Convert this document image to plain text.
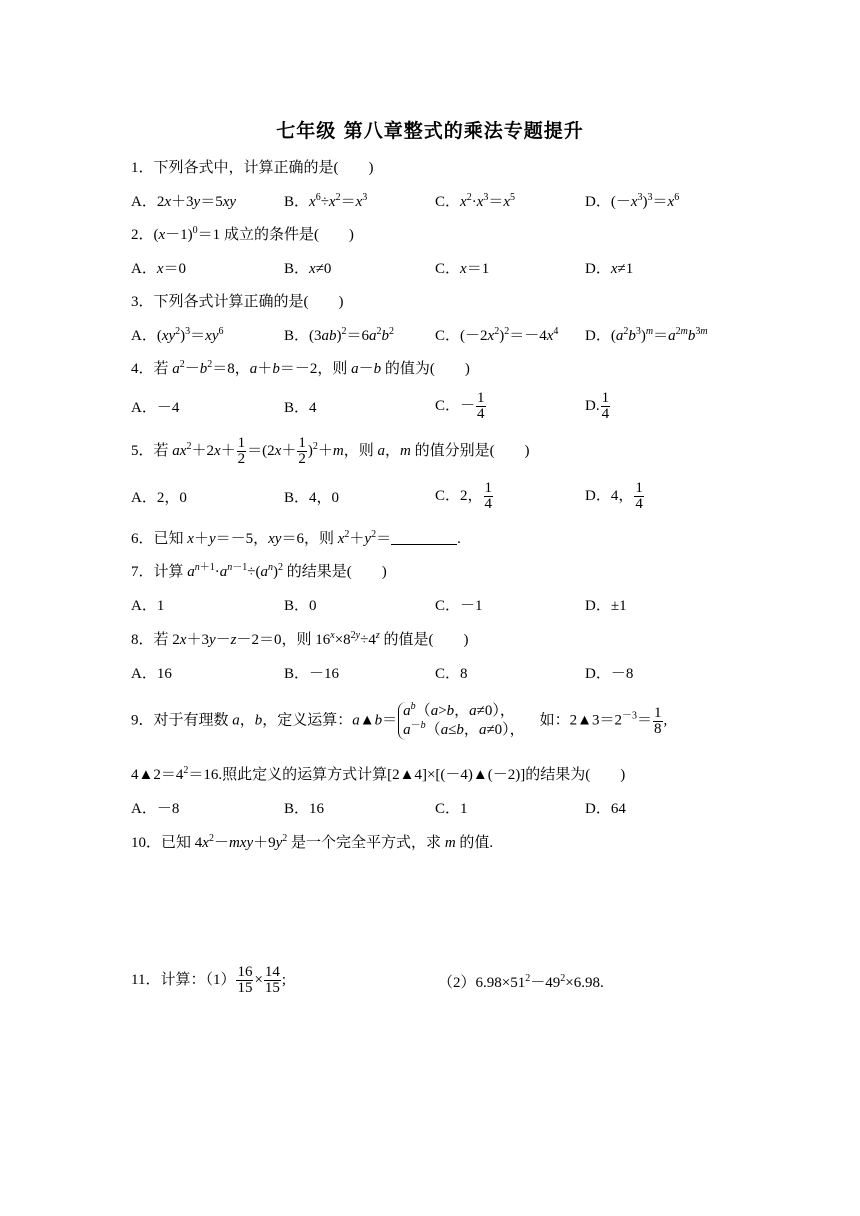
七年级 第八章整式的乘法专题提升
1．下列各式中，计算正确的是(　　)
A．2x＋3y＝5xy	B．$x^6\div x^2=x^3$	C．$x^2\cdot x^3=x^5$	D．$(-x^3)^3=x^6$
2．$(x-1)^0=1$ 成立的条件是(　　)
A．x＝0	B．x≠0	C．x＝1	D．x≠1
3．下列各式计算正确的是(　　)
A．$(xy^2)^3=xy^6$	B．$(3ab)^2=6a^2b^2$	C．$(-2x^2)^2=-4x^4$ D．$(a^2b^3)^m=a^{2m}b^{3m}$
4．若 $a^2-b^2=8$，a＋b＝－2，则 a－b 的值为(　　)
A．－4	B．4	C．－ $\frac{1}{4}$	D. $\frac{1}{4}$
5．若 $ax^2+2x+ \frac{1}{2} =(2x+ \frac{1}{2} )^2+m$，则 a，m 的值分别是(　　)
A．2，0	B．4，0	C．2， $\frac{1}{4}$	D．4， $\frac{1}{4}$
6．已知 x＋y＝－5，xy＝6，则 $x^2+y^2=$	.
7．计算 $a^{n+1}\cdot a^{n-1}\div(a^n)^2$ 的结果是(　　)
A．1	B．0	C．－1	D．±1
8．若 2x＋3y－z－2＝0，则 $16^x\times 8^{2y}\div 4^z$ 的值是(　　)
A．16	B．－16	C．8	D．－8
9．对于有理数 a，b，定义运算：a▲b＝
$a^b(a>b$，a≠0），
$a^{-b}(a\le b$，a≠0），
　如：$2▲3=2^{-3}= \frac{1}{8}$ ,
$4▲2=4^2=16$.照此定义的运算方式计算[2▲4]×[(－4)▲(－2)]的结果为(　　)
A．－8	B．16	C．1	D．64
10．已知 $4x^2-mxy+9y^2$ 是一个完全平方式，求 m 的值.
11．计算：$(1) \frac{16}{15} \times \frac{14}{15}$ ;	$(2)6.98\times 51^2-49^2\times 6.98$.
